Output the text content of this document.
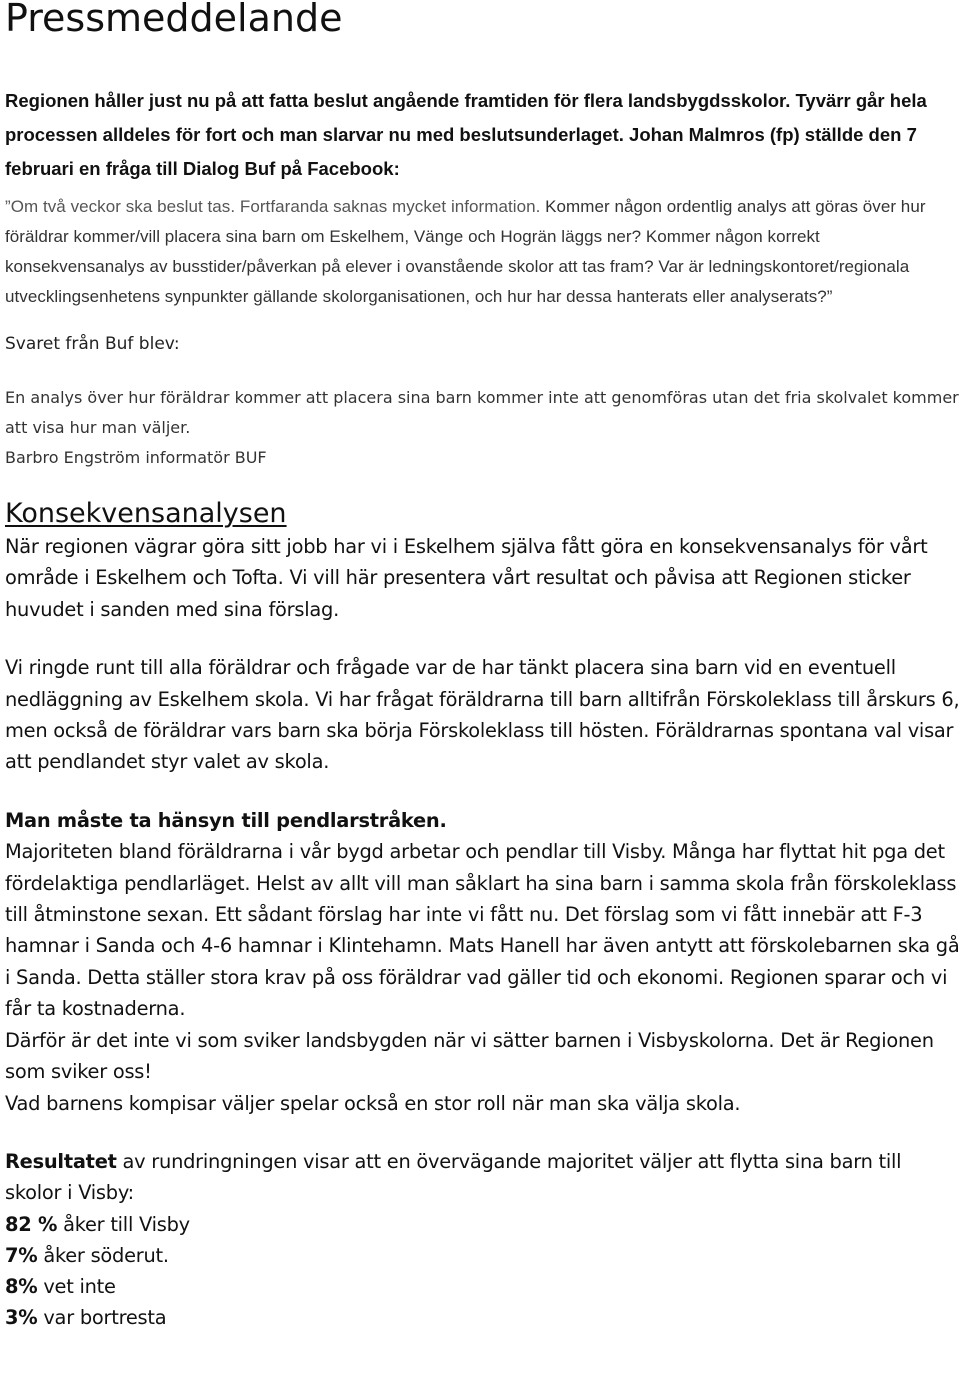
Pressmeddelande

Regionen håller just nu på att fatta beslut angående framtiden för flera landsbygdsskolor. Tyvärr går hela processen alldeles för fort och man slarvar nu med beslutsunderlaget. Johan Malmros (fp) ställde den 7 februari en fråga till Dialog Buf på Facebook:

”Om två veckor ska beslut tas. Fortfaranda saknas mycket information. Kommer någon ordentlig analys att göras över hur föräldrar kommer/vill placera sina barn om Eskelhem, Vänge och Hogrän läggs ner? Kommer någon korrekt konsekvensanalys av busstider/påverkan på elever i ovanstående skolor att tas fram? Var är ledningskontoret/regionala utvecklingsenhetens synpunkter gällande skolorganisationen, och hur har dessa hanterats eller analyserats?”

Svaret från Buf blev:

En analys över hur föräldrar kommer att placera sina barn kommer inte att genomföras utan det fria skolvalet kommer att visa hur man väljer.

Barbro Engström informatör BUF

Konsekvensanalysen

När regionen vägrar göra sitt jobb har vi i Eskelhem själva fått göra en konsekvensanalys för vårt område i Eskelhem och Tofta. Vi vill här presentera vårt resultat och påvisa att Regionen sticker huvudet i sanden med sina förslag.

Vi ringde runt till alla föräldrar och frågade var de har tänkt placera sina barn vid en eventuell nedläggning av Eskelhem skola. Vi har frågat föräldrarna till barn alltifrån Förskoleklass till årskurs 6, men också de föräldrar vars barn ska börja Förskoleklass till hösten. Föräldrarnas spontana val visar att pendlandet styr valet av skola.

Man måste ta hänsyn till pendlarstråken.

Majoriteten bland föräldrarna i vår bygd arbetar och pendlar till Visby. Många har flyttat hit pga det fördelaktiga pendlarläget. Helst av allt vill man såklart ha sina barn i samma skola från förskoleklass till åtminstone sexan. Ett sådant förslag har inte vi fått nu. Det förslag som vi fått innebär att F-3 hamnar i Sanda och 4-6 hamnar i Klintehamn. Mats Hanell har även antytt att förskolebarnen ska gå i Sanda. Detta ställer stora krav på oss föräldrar vad gäller tid och ekonomi. Regionen sparar och vi får ta kostnaderna.

Därför är det inte vi som sviker landsbygden när vi sätter barnen i Visbyskolorna. Det är Regionen som sviker oss!

Vad barnens kompisar väljer spelar också en stor roll när man ska välja skola.

Resultatet av rundringningen visar att en övervägande majoritet väljer att flytta sina barn till skolor i Visby:

82 % åker till Visby

7% åker söderut.

8% vet inte

3% var bortresta
